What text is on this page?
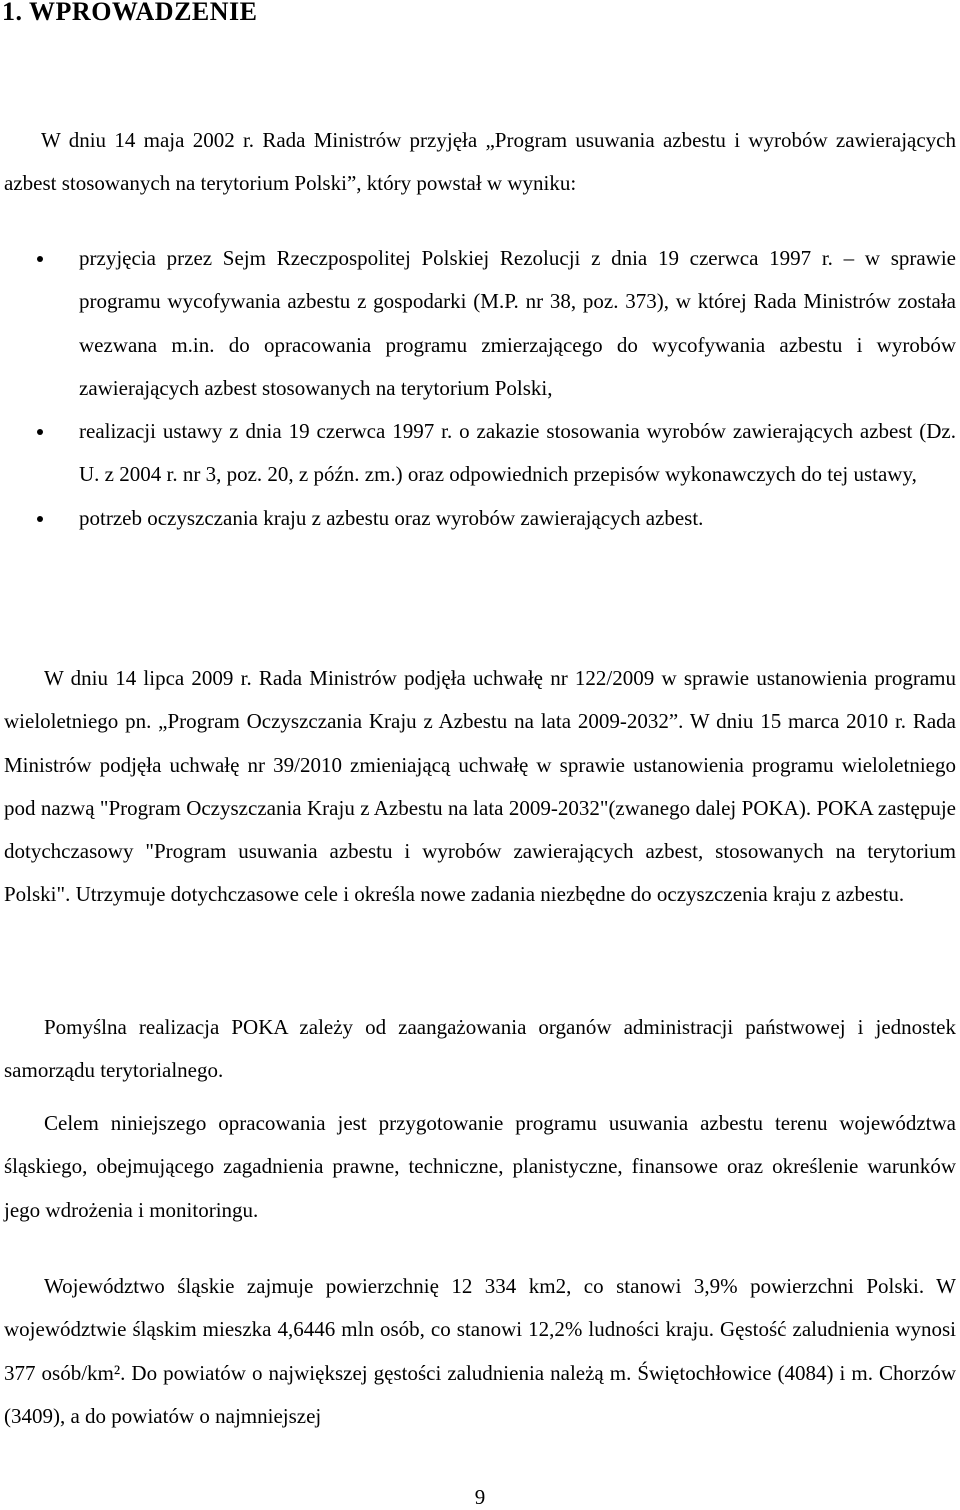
1. WPROWADZENIE

W dniu 14 maja 2002 r. Rada Ministrów przyjęła „Program usuwania azbestu i wyrobów zawierających azbest stosowanych na terytorium Polski”, który powstał w wyniku:

przyjęcia przez Sejm Rzeczpospolitej Polskiej Rezolucji z dnia 19 czerwca 1997 r. – w sprawie programu wycofywania azbestu z gospodarki (M.P. nr 38, poz. 373), w której Rada Ministrów została wezwana m.in. do opracowania programu zmierzającego do wycofywania azbestu i wyrobów zawierających azbest stosowanych na terytorium Polski,
realizacji ustawy z dnia 19 czerwca 1997 r. o zakazie stosowania wyrobów zawierających azbest (Dz. U. z 2004 r. nr 3, poz. 20, z późn. zm.) oraz odpowiednich przepisów wykonawczych do tej ustawy,
potrzeb oczyszczania kraju z azbestu oraz wyrobów zawierających azbest.

W dniu 14 lipca 2009 r. Rada Ministrów podjęła uchwałę nr 122/2009 w sprawie ustanowienia programu wieloletniego pn. „Program Oczyszczania Kraju z Azbestu na lata 2009-2032”. W dniu 15 marca 2010 r. Rada Ministrów podjęła uchwałę nr 39/2010 zmieniającą uchwałę w sprawie ustanowienia programu wieloletniego pod nazwą "Program Oczyszczania Kraju z Azbestu na lata 2009-2032"(zwanego dalej POKA). POKA zastępuje dotychczasowy "Program usuwania azbestu i wyrobów zawierających azbest, stosowanych na terytorium Polski". Utrzymuje dotychczasowe cele i określa nowe zadania niezbędne do oczyszczenia kraju z azbestu.

Pomyślna realizacja POKA zależy od zaangażowania organów administracji państwowej i jednostek samorządu terytorialnego.

Celem niniejszego opracowania jest przygotowanie programu usuwania azbestu terenu województwa śląskiego, obejmującego zagadnienia prawne, techniczne, planistyczne, finansowe oraz określenie warunków jego wdrożenia i monitoringu.

Województwo śląskie zajmuje powierzchnię 12 334 km2, co stanowi 3,9% powierzchni Polski. W województwie śląskim mieszka 4,6446 mln osób, co stanowi 12,2% ludności kraju. Gęstość zaludnienia wynosi 377 osób/km². Do powiatów o największej gęstości zaludnienia należą m. Świętochłowice (4084) i m. Chorzów (3409), a do powiatów o najmniejszej

9
